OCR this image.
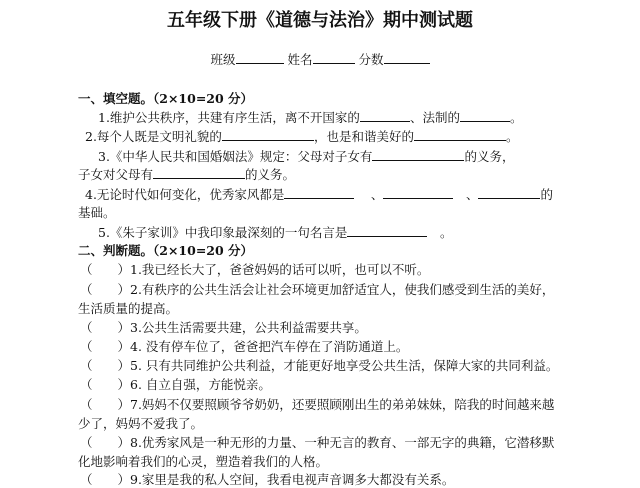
五年级下册《道德与法治》期中测试题
班级	姓名	分数
一、填空题。（2×10=20 分）
1.维护公共秩序，共建有序生活，离不开国家的	、法制的	。
2.每个人既是文明礼貌的	，也是和谐美好的	。
3.《中华人民共和国婚姻法》规定：父母对子女有	的义务，
子女对父母有	的义务。
4.无论时代如何变化，优秀家风都是　	、　	、	的
基础。
5.《朱子家训》中我印象最深刻的一句名言是　	。
二、判断题。（2×10=20 分）
（　　）1.我已经长大了，爸爸妈妈的话可以听，也可以不听。
（　　）2.有秩序的公共生活会让社会环境更加舒适宜人，使我们感受到生活的美好，
生活质量的提高。
（　　）3.公共生活需要共建，公共利益需要共享。
（　　）4. 没有停车位了，爸爸把汽车停在了消防通道上。
（　　）5. 只有共同维护公共利益，才能更好地享受公共生活，保障大家的共同利益。
（　　）6. 自立自强，方能悦亲。
（　　）7.妈妈不仅要照顾爷爷奶奶，还要照顾刚出生的弟弟妹妹，陪我的时间越来越
少了，妈妈不爱我了。
（　　）8.优秀家风是一种无形的力量、一种无言的教育、一部无字的典籍，它潜移默
化地影响着我们的心灵，塑造着我们的人格。
（　　）9.家里是我的私人空间，我看电视声音调多大都没有关系。
